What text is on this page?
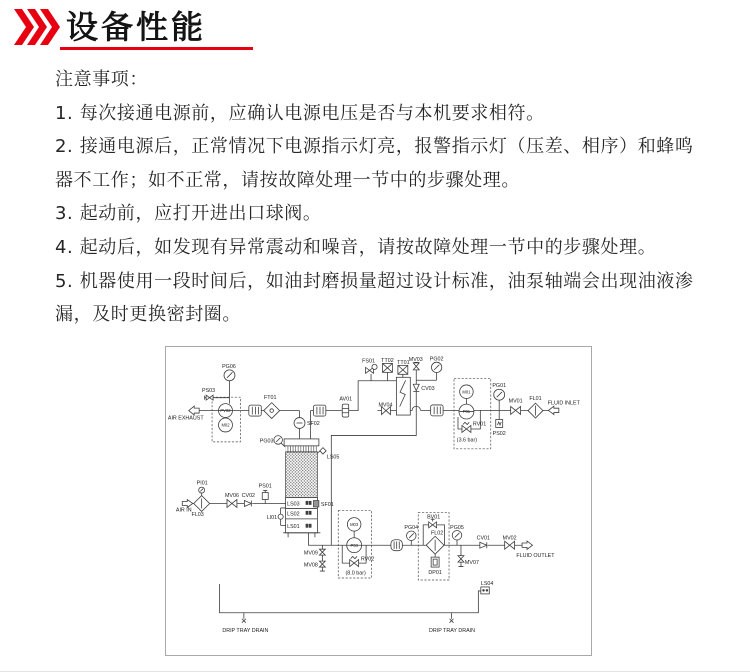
设备性能

注意事项：

1. 每次接通电源前，应确认电源电压是否与本机要求相符。

2. 接通电源后，正常情况下电源指示灯亮，报警指示灯（压差、相序）和蜂鸣器不工作；如不正常，请按故障处理一节中的步骤处理。

3. 起动前，应打开进出口球阀。

4. 起动后，如发现有异常震动和噪音，请按故障处理一节中的步骤处理。

5. 机器使用一段时间后，如油封磨损量超过设计标准，油泵轴端会出现油液渗漏，及时更换密封圈。

AIR EXHAUST
PS03
PG06
PV02
M02
FT01
SF02
PG03
LS05
AV01
FS01 TT02 TT01
MV03
CV03
PG02
MV04
M01
P01
RV01
(3.6 bar)
PG01
PS02
MV01 FL01
FLUID INLET
PI01
AIR IN
FL03
MV06 CV02
PS01
LI01
LS03
LS02
LS01
SF01
MV09
MV08
M03
P03
RV02
(8.0 bar)
PG04
BV01
FL02
DP01
PG05
MV07
CV01 MV02
FLUID OUTLET
LS04
DRIP TRAY DRAIN	DRIP TRAY DRAIN
